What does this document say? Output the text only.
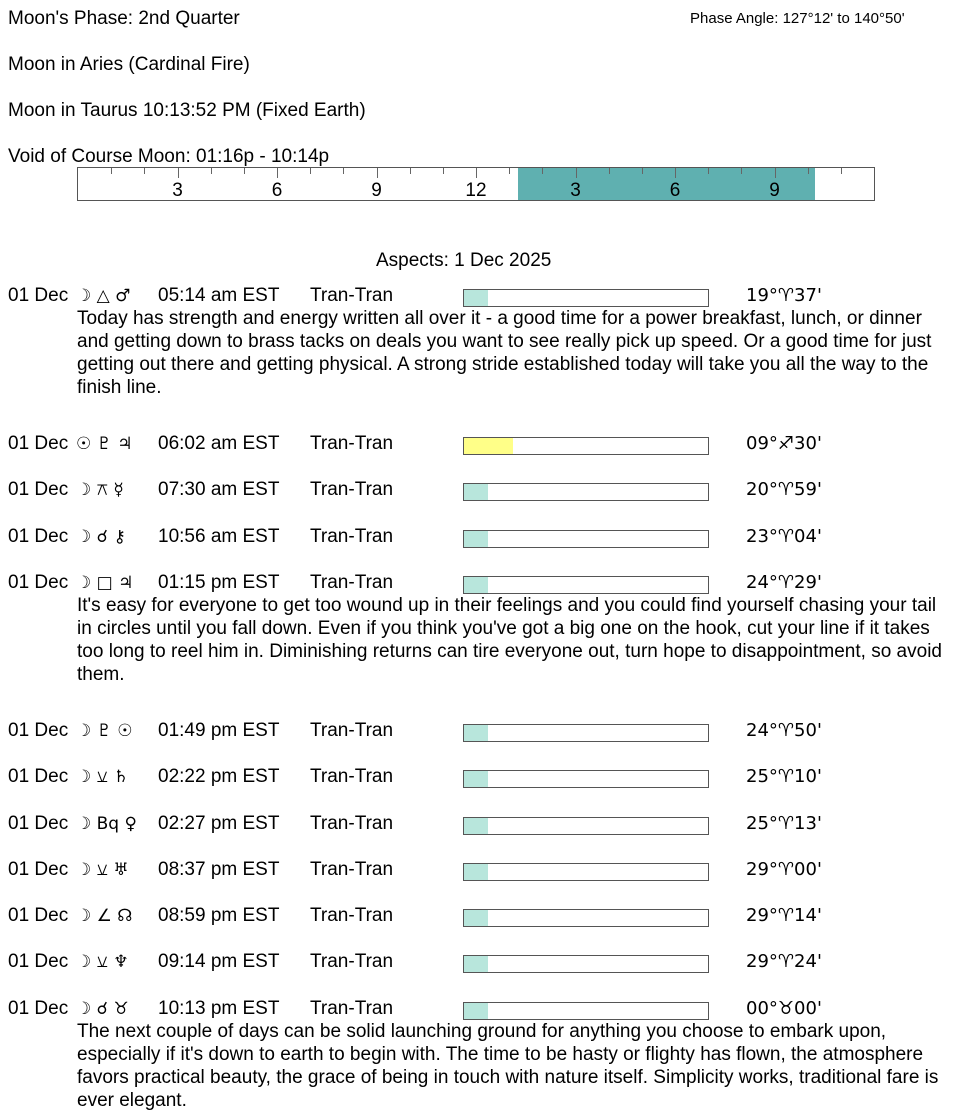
Moon's Phase: 2nd Quarter	Phase Angle: 127°12' to 140°50'
Moon in Aries (Cardinal Fire)
Moon in Taurus 10:13:52 PM (Fixed Earth)
Void of Course Moon: 01:16p - 10:14p
3	6	9	12	3	6	9
Aspects: 1 Dec 2025
01 Dec ☽ △ ♂ 05:14 am EST Tran-Tran	19°♈37'
Today has strength and energy written all over it - a good time for a power breakfast, lunch, or dinner and getting down to brass tacks on deals you want to see really pick up speed. Or a good time for just getting out there and getting physical. A strong stride established today will take you all the way to the finish line.
01 Dec ☉ ♇ ♃ 06:02 am EST Tran-Tran	09°♐30'
01 Dec ☽ ⚻ ☿ 07:30 am EST Tran-Tran	20°♈59'
01 Dec ☽ ☌ ⚷ 10:56 am EST Tran-Tran	23°♈04'
01 Dec ☽ □ ♃ 01:15 pm EST Tran-Tran	24°♈29'
It's easy for everyone to get too wound up in their feelings and you could find yourself chasing your tail in circles until you fall down. Even if you think you've got a big one on the hook, cut your line if it takes too long to reel him in. Diminishing returns can tire everyone out, turn hope to disappointment, so avoid them.
01 Dec ☽ ♇ ☉ 01:49 pm EST Tran-Tran	24°♈50'
01 Dec ☽ ⚺ ♄ 02:22 pm EST Tran-Tran	25°♈10'
01 Dec ☽ Bq ♀ 02:27 pm EST Tran-Tran	25°♈13'
01 Dec ☽ ⚺ ♅ 08:37 pm EST Tran-Tran	29°♈00'
01 Dec ☽ ∠ ☊ 08:59 pm EST Tran-Tran	29°♈14'
01 Dec ☽ ⚺ ♆ 09:14 pm EST Tran-Tran	29°♈24'
01 Dec ☽ ☌ ♉ 10:13 pm EST Tran-Tran	00°♉00'
The next couple of days can be solid launching ground for anything you choose to embark upon, especially if it's down to earth to begin with. The time to be hasty or flighty has flown, the atmosphere favors practical beauty, the grace of being in touch with nature itself. Simplicity works, traditional fare is ever elegant.
